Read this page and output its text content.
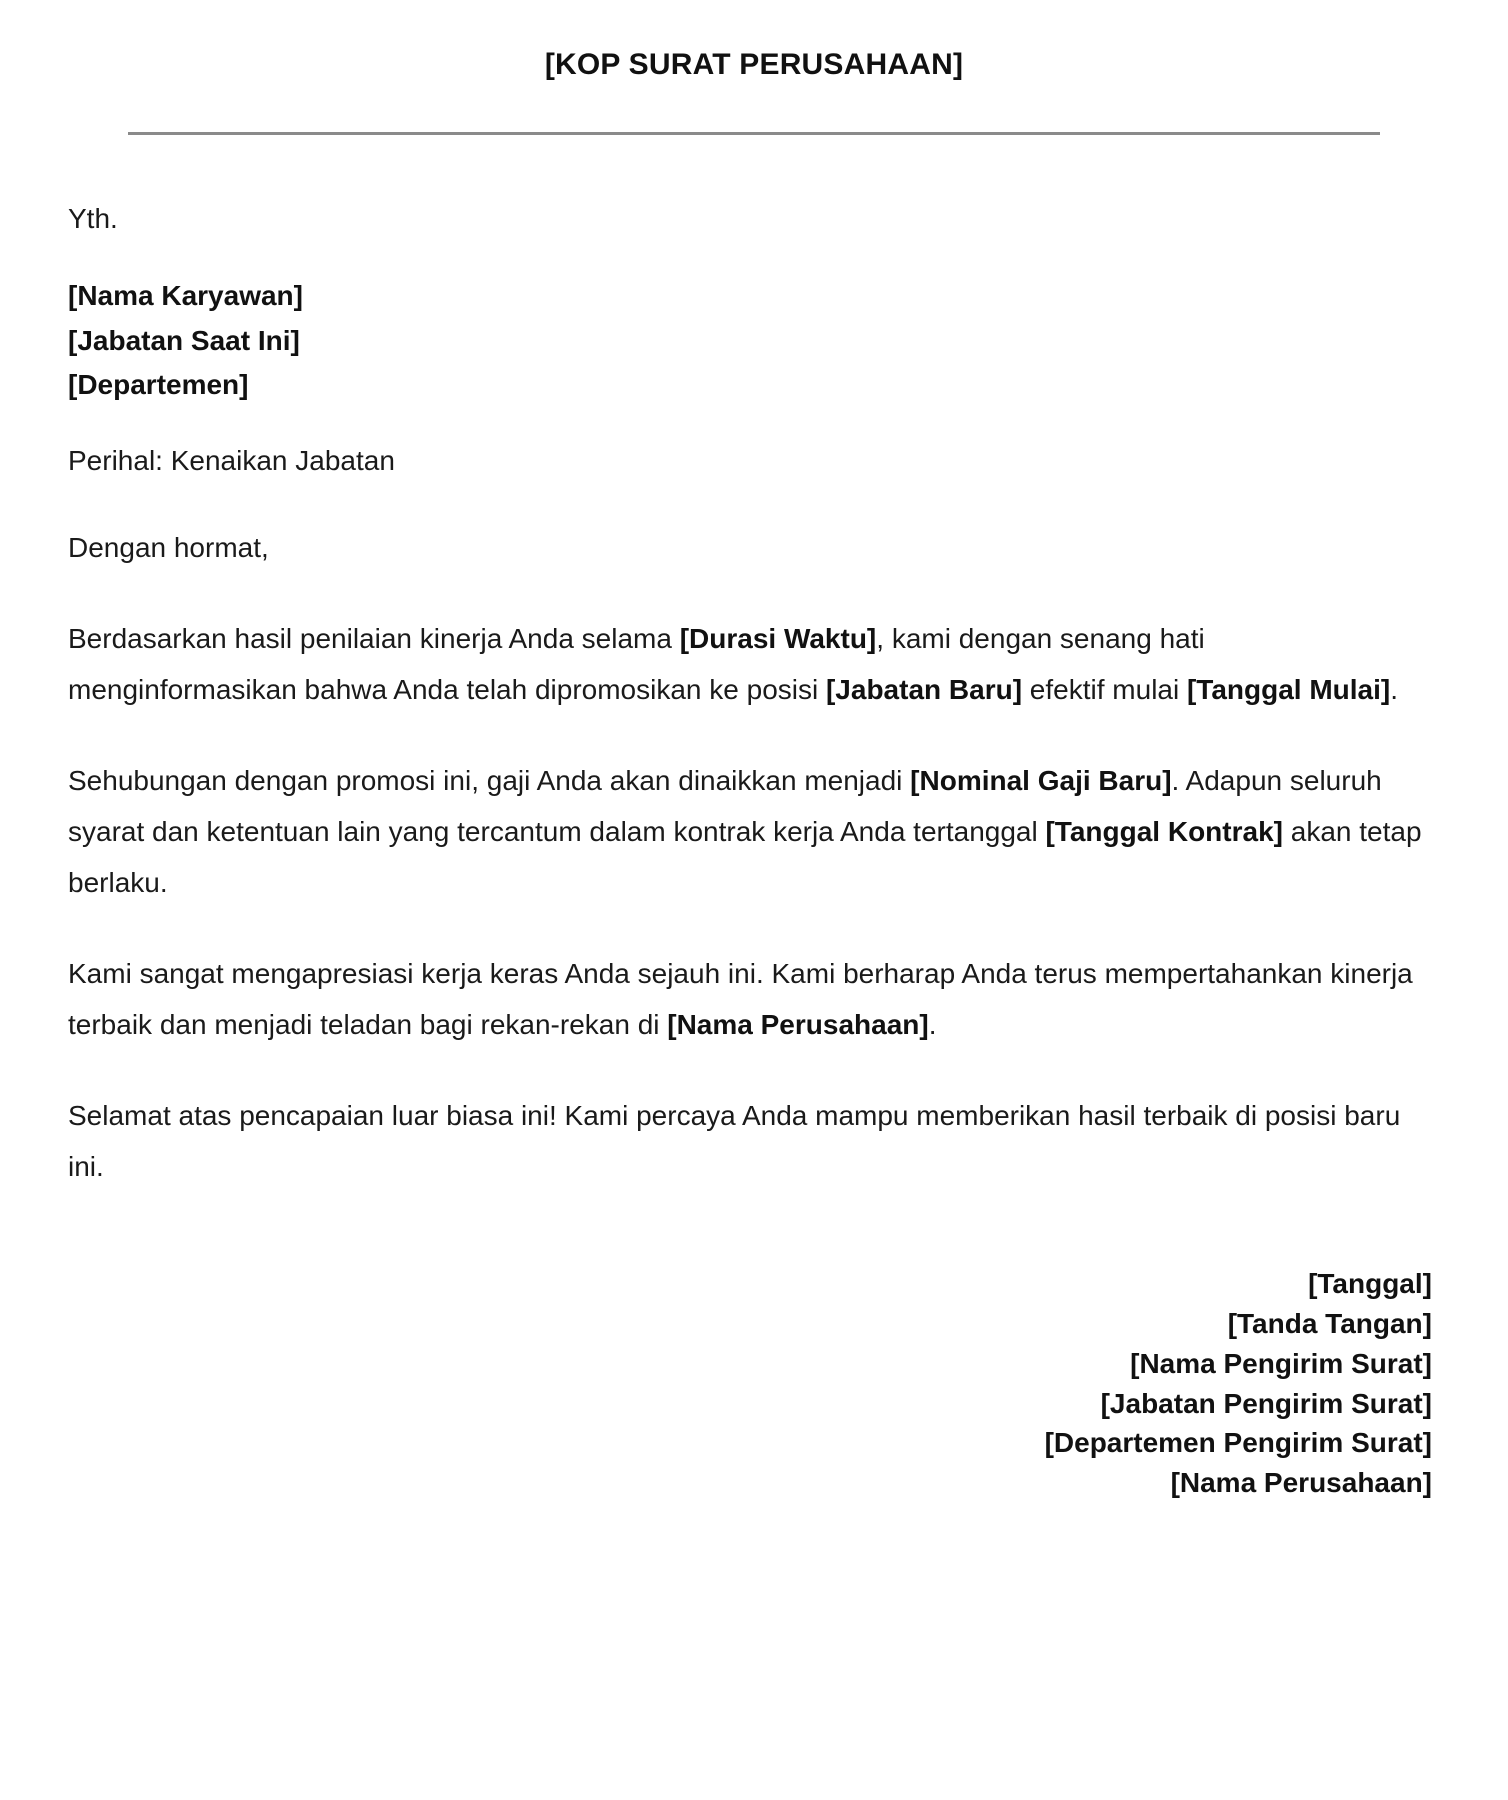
[KOP SURAT PERUSAHAAN]
Yth.
[Nama Karyawan]
[Jabatan Saat Ini]
[Departemen]
Perihal: Kenaikan Jabatan
Dengan hormat,

Berdasarkan hasil penilaian kinerja Anda selama [Durasi Waktu], kami dengan senang hati menginformasikan bahwa Anda telah dipromosikan ke posisi [Jabatan Baru] efektif mulai [Tanggal Mulai].

Sehubungan dengan promosi ini, gaji Anda akan dinaikkan menjadi [Nominal Gaji Baru]. Adapun seluruh syarat dan ketentuan lain yang tercantum dalam kontrak kerja Anda tertanggal [Tanggal Kontrak] akan tetap berlaku.

Kami sangat mengapresiasi kerja keras Anda sejauh ini. Kami berharap Anda terus mempertahankan kinerja terbaik dan menjadi teladan bagi rekan-rekan di [Nama Perusahaan].

Selamat atas pencapaian luar biasa ini! Kami percaya Anda mampu memberikan hasil terbaik di posisi baru ini.

[Tanggal]
[Tanda Tangan]
[Nama Pengirim Surat]
[Jabatan Pengirim Surat]
[Departemen Pengirim Surat]
[Nama Perusahaan]
